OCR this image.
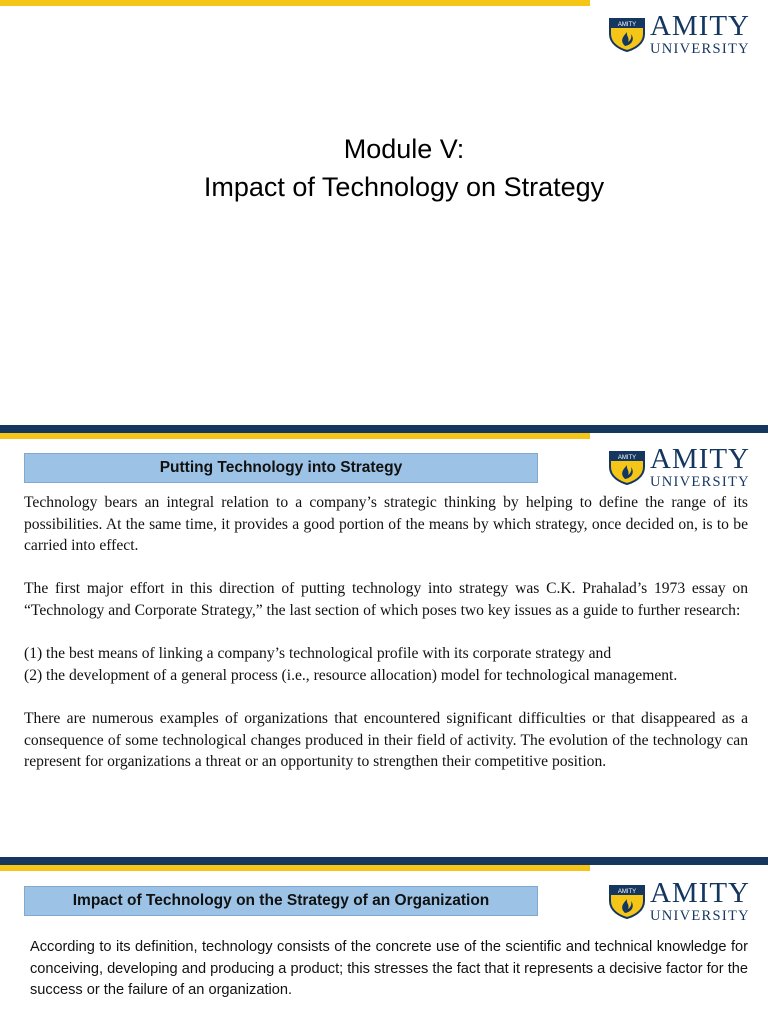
AMITY AMITY
UNIVERSITY
Module V:
Impact of Technology on Strategy
AMITY AMITY
UNIVERSITY
Putting Technology into Strategy

Technology bears an integral relation to a company’s strategic thinking by helping to define the range of its possibilities. At the same time, it provides a good portion of the means by which strategy, once decided on, is to be carried into effect.

The first major effort in this direction of putting technology into strategy was C.K. Prahalad’s 1973 essay on “Technology and Corporate Strategy,” the last section of which poses two key issues as a guide to further research:

(1) the best means of linking a company’s technological profile with its corporate strategy and
(2) the development of a general process (i.e., resource allocation) model for technological management.

There are numerous examples of organizations that encountered significant difficulties or that disappeared as a consequence of some technological changes produced in their field of activity. The evolution of the technology can represent for organizations a threat or an opportunity to strengthen their competitive position.

AMITY AMITY
UNIVERSITY
Impact of Technology on the Strategy of an Organization

According to its definition, technology consists of the concrete use of the scientific and technical knowledge for conceiving, developing and producing a product; this stresses the fact that it represents a decisive factor for the success or the failure of an organization.
